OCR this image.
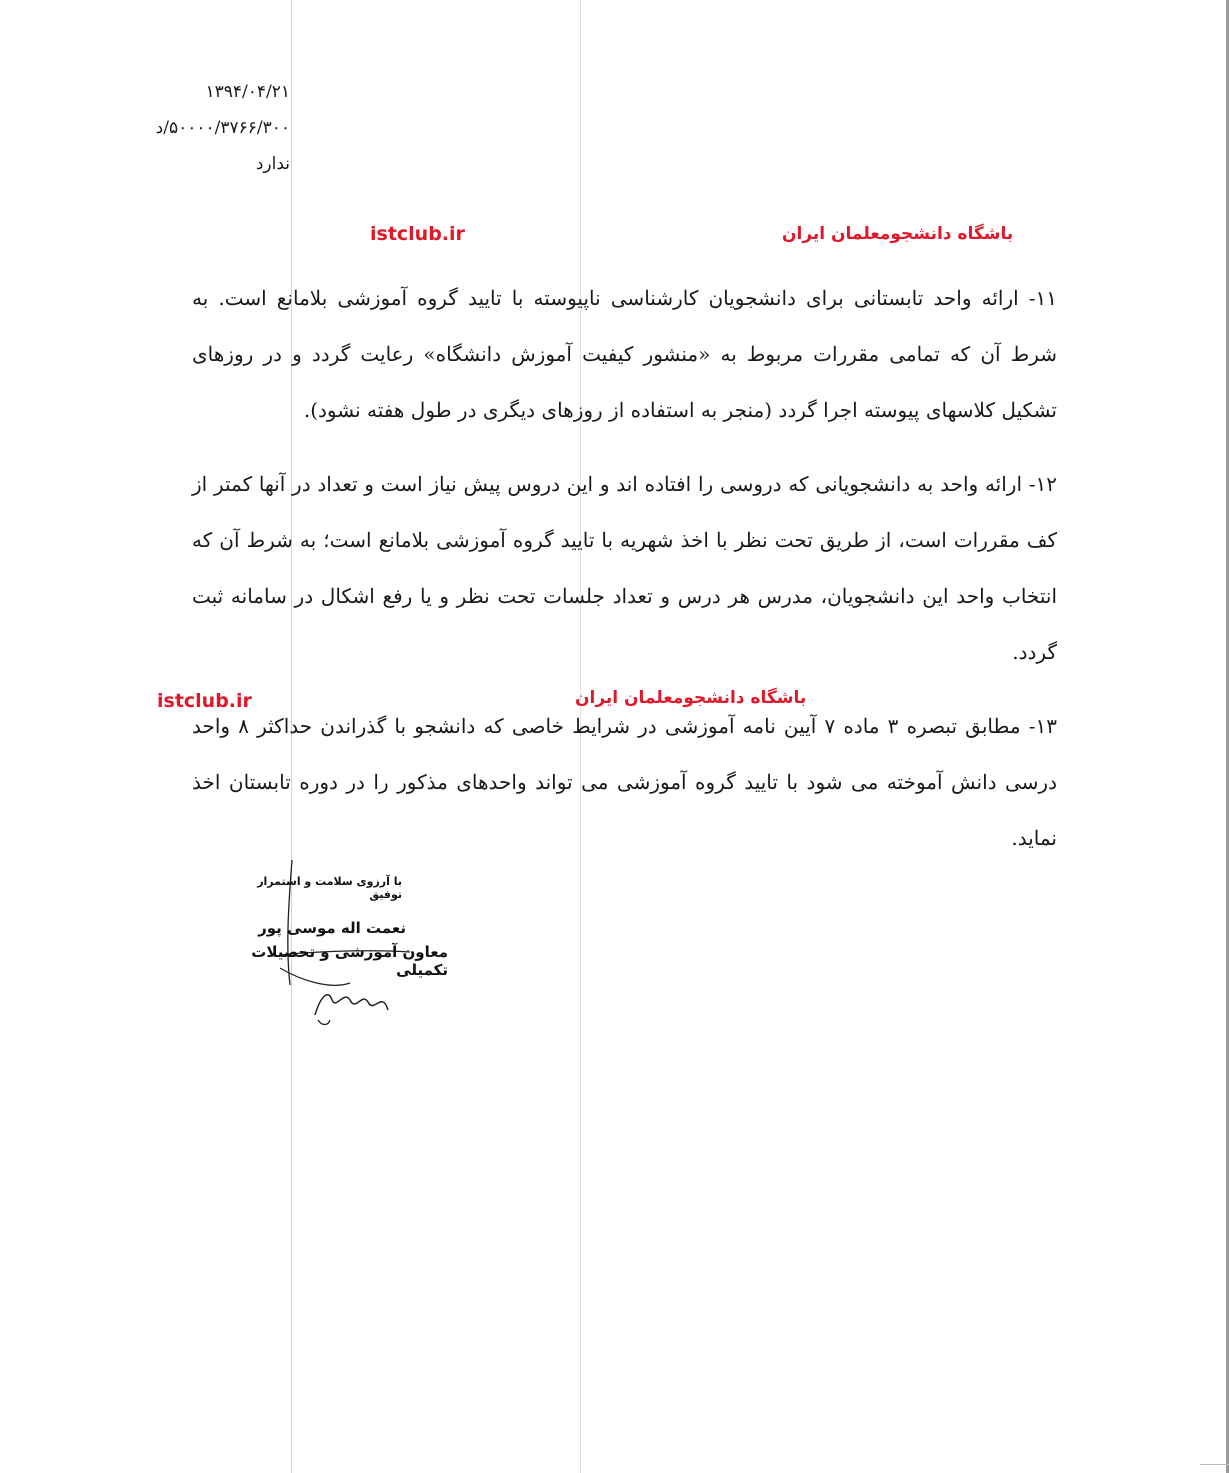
۱۳۹۴/۰۴/۲۱
۵۰۰۰۰/۳۷۶۶/۳۰۰/د
ندارد
باشگاه دانشجومعلمان ایران
istclub.ir

۱۱- ارائه واحد تابستانی برای دانشجویان کارشناسی ناپیوسته با تایید گروه آموزشی بلامانع است. به شرط آن که تمامی مقررات مربوط به «منشور کیفیت آموزش دانشگاه» رعایت گردد و در روزهای تشکیل کلاسهای پیوسته اجرا گردد (منجر به استفاده از روزهای دیگری در طول هفته نشود).

۱۲- ارائه واحد به دانشجویانی که دروسی را افتاده اند و این دروس پیش نیاز است و تعداد در آنها کمتر از کف مقررات است، از طریق تحت نظر با اخذ شهریه با تایید گروه آموزشی بلامانع است؛ به شرط آن که انتخاب واحد این دانشجویان، مدرس هر درس و تعداد جلسات تحت نظر و یا رفع اشکال در سامانه ثبت گردد.

۱۳- مطابق تبصره ۳ ماده ۷ آیین نامه آموزشی در شرایط خاصی که دانشجو با گذراندن حداکثر ۸ واحد درسی دانش آموخته می شود با تایید گروه آموزشی می تواند واحدهای مذکور را در دوره تابستان اخذ نماید.

باشگاه دانشجومعلمان ایران
istclub.ir
با آرزوی سلامت و استمرار توفیق
نعمت اله موسی پور
معاون آموزشی و تحصیلات تکمیلی
